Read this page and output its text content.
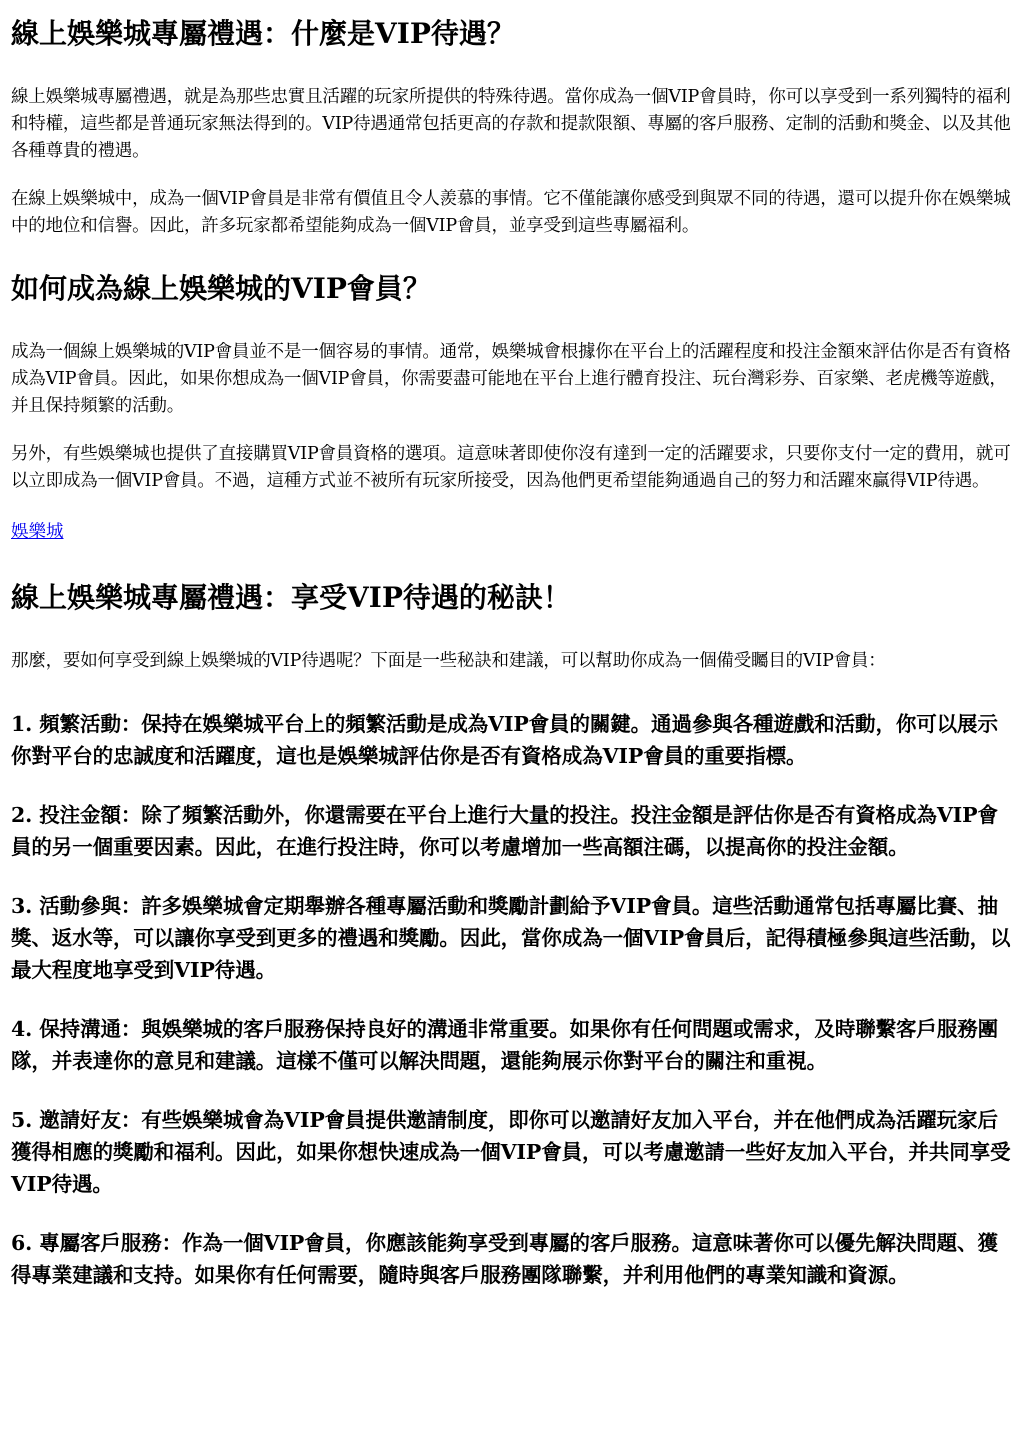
線上娛樂城專屬禮遇：什麼是VIP待遇？

線上娛樂城專屬禮遇，就是為那些忠實且活躍的玩家所提供的特殊待遇。當你成為一個VIP會員時，你可以享受到一系列獨特的福利和特權，這些都是普通玩家無法得到的。VIP待遇通常包括更高的存款和提款限額、專屬的客戶服務、定制的活動和獎金、以及其他各種尊貴的禮遇。

在線上娛樂城中，成為一個VIP會員是非常有價值且令人羨慕的事情。它不僅能讓你感受到與眾不同的待遇，還可以提升你在娛樂城中的地位和信譽。因此，許多玩家都希望能夠成為一個VIP會員，並享受到這些專屬福利。

如何成為線上娛樂城的VIP會員？

成為一個線上娛樂城的VIP會員並不是一個容易的事情。通常，娛樂城會根據你在平台上的活躍程度和投注金額來評估你是否有資格成為VIP會員。因此，如果你想成為一個VIP會員，你需要盡可能地在平台上進行體育投注、玩台灣彩券、百家樂、老虎機等遊戲，并且保持頻繁的活動。

另外，有些娛樂城也提供了直接購買VIP會員資格的選項。這意味著即使你沒有達到一定的活躍要求，只要你支付一定的費用，就可以立即成為一個VIP會員。不過，這種方式並不被所有玩家所接受，因為他們更希望能夠通過自己的努力和活躍來贏得VIP待遇。

娛樂城
線上娛樂城專屬禮遇：享受VIP待遇的秘訣！

那麼，要如何享受到線上娛樂城的VIP待遇呢？下面是一些秘訣和建議，可以幫助你成為一個備受矚目的VIP會員：

1. 頻繁活動：保持在娛樂城平台上的頻繁活動是成為VIP會員的關鍵。通過參與各種遊戲和活動，你可以展示你對平台的忠誠度和活躍度，這也是娛樂城評估你是否有資格成為VIP會員的重要指標。
2. 投注金額：除了頻繁活動外，你還需要在平台上進行大量的投注。投注金額是評估你是否有資格成為VIP會員的另一個重要因素。因此，在進行投注時，你可以考慮增加一些高額注碼，以提高你的投注金額。
3. 活動參與：許多娛樂城會定期舉辦各種專屬活動和獎勵計劃給予VIP會員。這些活動通常包括專屬比賽、抽獎、返水等，可以讓你享受到更多的禮遇和獎勵。因此，當你成為一個VIP會員后，記得積極參與這些活動，以最大程度地享受到VIP待遇。
4. 保持溝通：與娛樂城的客戶服務保持良好的溝通非常重要。如果你有任何問題或需求，及時聯繫客戶服務團隊，并表達你的意見和建議。這樣不僅可以解決問題，還能夠展示你對平台的關注和重視。
5. 邀請好友：有些娛樂城會為VIP會員提供邀請制度，即你可以邀請好友加入平台，并在他們成為活躍玩家后獲得相應的獎勵和福利。因此，如果你想快速成為一個VIP會員，可以考慮邀請一些好友加入平台，并共同享受VIP待遇。
6. 專屬客戶服務：作為一個VIP會員，你應該能夠享受到專屬的客戶服務。這意味著你可以優先解決問題、獲得專業建議和支持。如果你有任何需要，隨時與客戶服務團隊聯繫，并利用他們的專業知識和資源。
